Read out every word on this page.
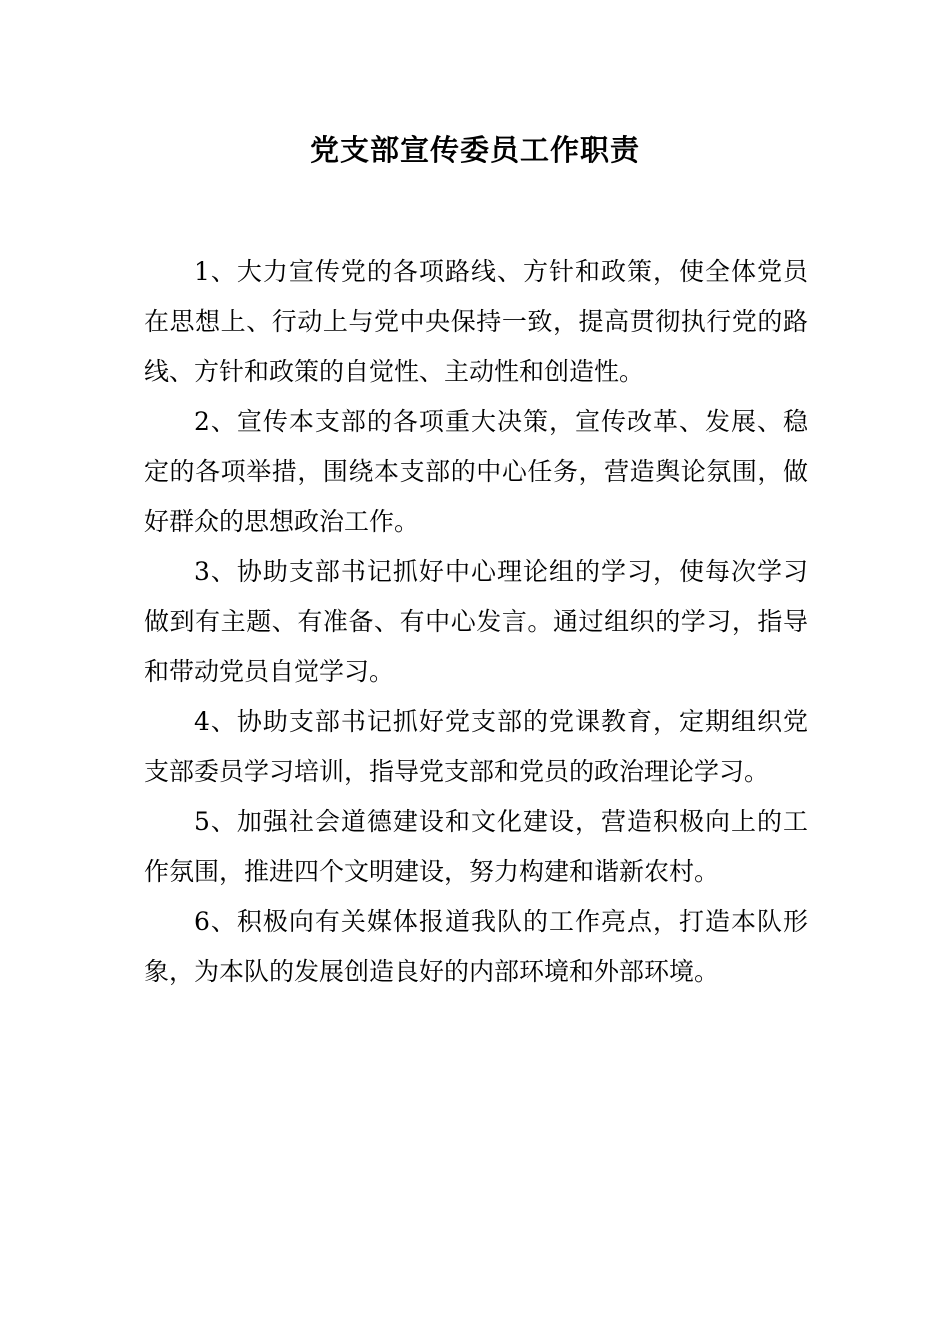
党支部宣传委员工作职责

1、大力宣传党的各项路线、方针和政策，使全体党员在思想上、行动上与党中央保持一致，提高贯彻执行党的路线、方针和政策的自觉性、主动性和创造性。

2、宣传本支部的各项重大决策，宣传改革、发展、稳定的各项举措，围绕本支部的中心任务，营造舆论氛围，做好群众的思想政治工作。

3、协助支部书记抓好中心理论组的学习，使每次学习做到有主题、有准备、有中心发言。通过组织的学习，指导和带动党员自觉学习。

4、协助支部书记抓好党支部的党课教育，定期组织党支部委员学习培训，指导党支部和党员的政治理论学习。

5、加强社会道德建设和文化建设，营造积极向上的工作氛围，推进四个文明建设，努力构建和谐新农村。

6、积极向有关媒体报道我队的工作亮点，打造本队形象，为本队的发展创造良好的内部环境和外部环境。
